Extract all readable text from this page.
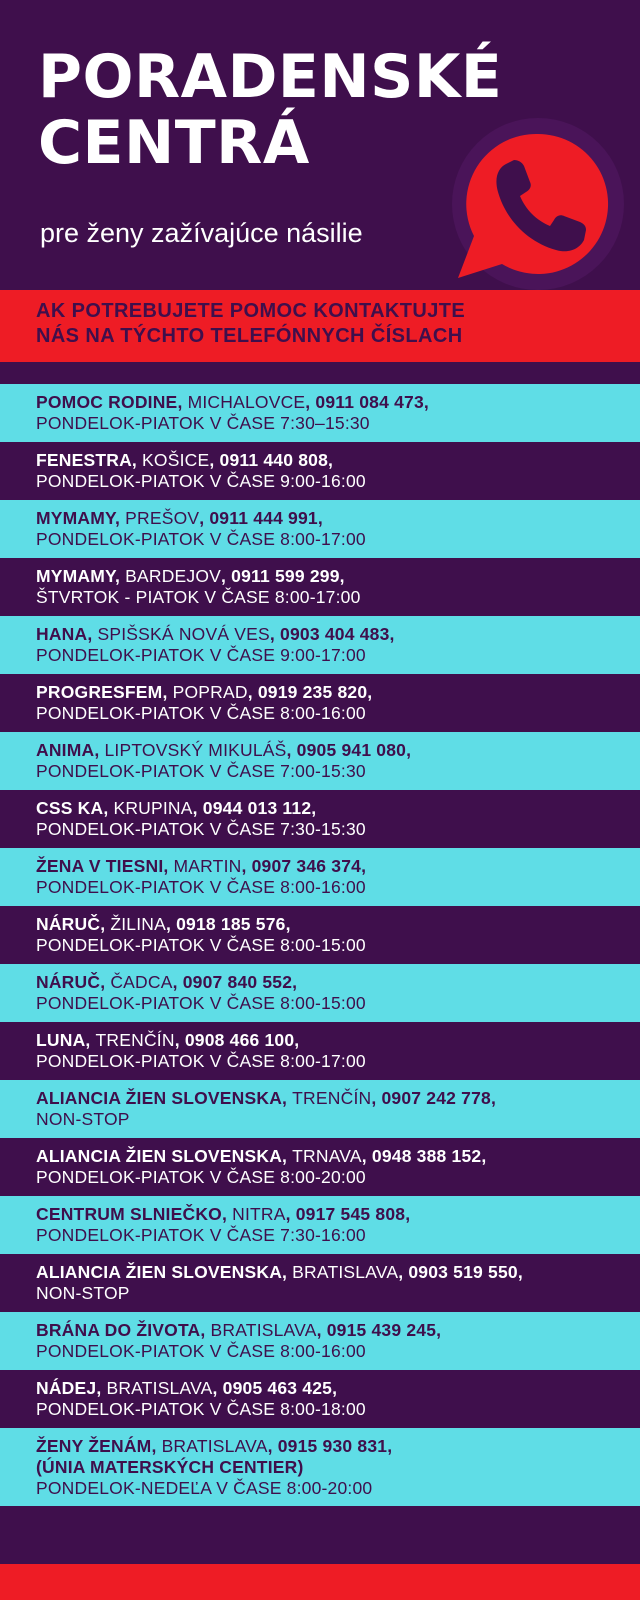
PORADENSKÉ
CENTRÁ
pre ženy zažívajúce násilie
AK POTREBUJETE POMOC KONTAKTUJTE
NÁS NA TÝCHTO TELEFÓNNYCH ČÍSLACH
POMOC RODINE, MICHALOVCE, 0911 084 473,
PONDELOK-PIATOK V ČASE 7:30–15:30
FENESTRA, KOŠICE, 0911 440 808,
PONDELOK-PIATOK V ČASE 9:00-16:00
MYMAMY, PREŠOV, 0911 444 991,
PONDELOK-PIATOK V ČASE 8:00-17:00
MYMAMY, BARDEJOV, 0911 599 299,
ŠTVRTOK - PIATOK V ČASE 8:00-17:00
HANA, SPIŠSKÁ NOVÁ VES, 0903 404 483,
PONDELOK-PIATOK V ČASE 9:00-17:00
PROGRESFEM, POPRAD, 0919 235 820,
PONDELOK-PIATOK V ČASE 8:00-16:00
ANIMA, LIPTOVSKÝ MIKULÁŠ, 0905 941 080,
PONDELOK-PIATOK V ČASE 7:00-15:30
CSS KA, KRUPINA, 0944 013 112,
PONDELOK-PIATOK V ČASE 7:30-15:30
ŽENA V TIESNI, MARTIN, 0907 346 374,
PONDELOK-PIATOK V ČASE 8:00-16:00
NÁRUČ, ŽILINA, 0918 185 576,
PONDELOK-PIATOK V ČASE 8:00-15:00
NÁRUČ, ČADCA, 0907 840 552,
PONDELOK-PIATOK V ČASE 8:00-15:00
LUNA, TRENČÍN, 0908 466 100,
PONDELOK-PIATOK V ČASE 8:00-17:00
ALIANCIA ŽIEN SLOVENSKA, TRENČÍN, 0907 242 778,
NON-STOP
ALIANCIA ŽIEN SLOVENSKA, TRNAVA, 0948 388 152,
PONDELOK-PIATOK V ČASE 8:00-20:00
CENTRUM SLNIEČKO, NITRA, 0917 545 808,
PONDELOK-PIATOK V ČASE 7:30-16:00
ALIANCIA ŽIEN SLOVENSKA, BRATISLAVA, 0903 519 550,
NON-STOP
BRÁNA DO ŽIVOTA, BRATISLAVA, 0915 439 245,
PONDELOK-PIATOK V ČASE 8:00-16:00
NÁDEJ, BRATISLAVA, 0905 463 425,
PONDELOK-PIATOK V ČASE 8:00-18:00
ŽENY ŽENÁM, BRATISLAVA, 0915 930 831,
(ÚNIA MATERSKÝCH CENTIER)
PONDELOK-NEDEĽA V ČASE 8:00-20:00
